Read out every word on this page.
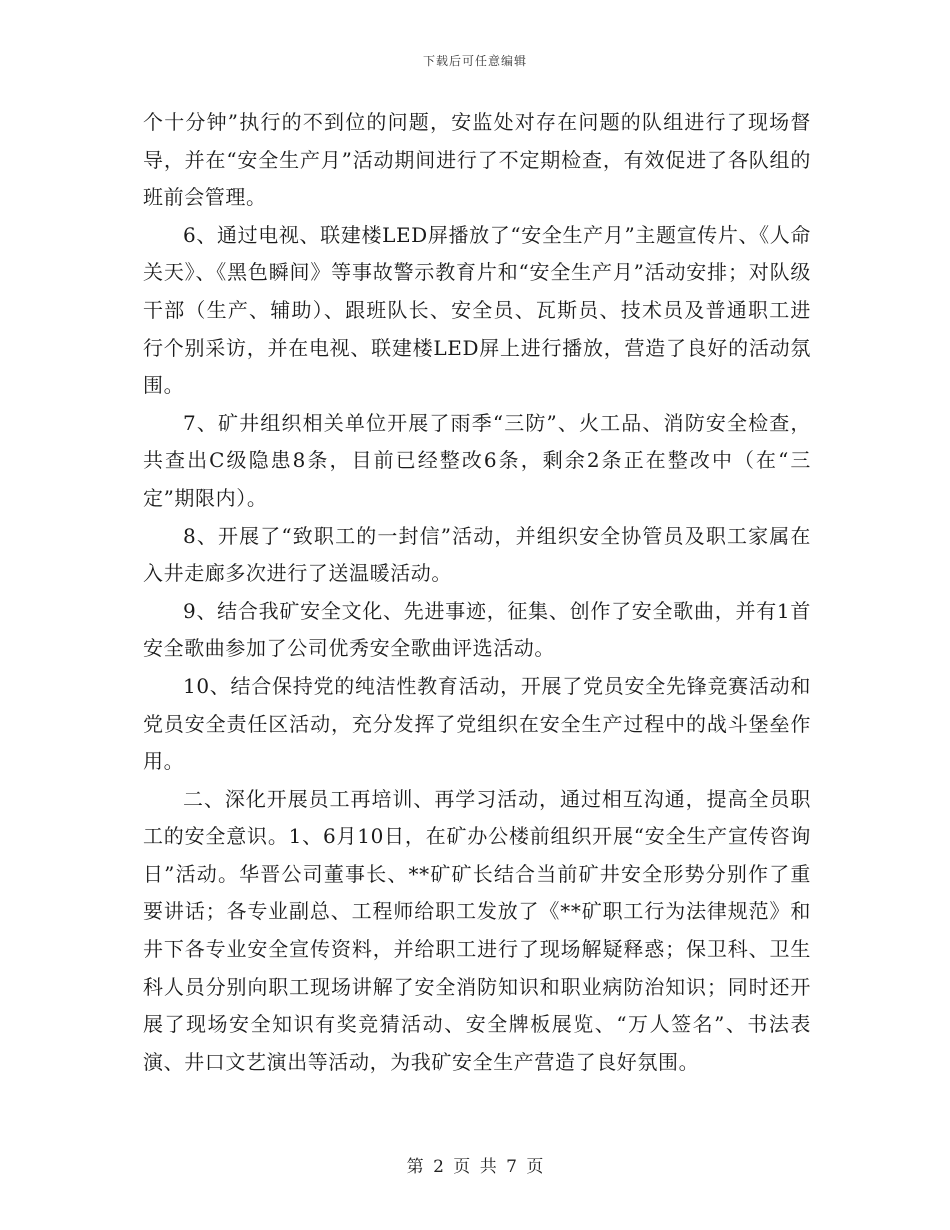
下载后可任意编辑

个十分钟”执行的不到位的问题，安监处对存在问题的队组进行了现场督导，并在“安全生产月”活动期间进行了不定期检查，有效促进了各队组的班前会管理。

6、通过电视、联建楼LED屏播放了“安全生产月”主题宣传片、《人命关天》、《黑色瞬间》等事故警示教育片和“安全生产月”活动安排；对队级干部（生产、辅助）、跟班队长、安全员、瓦斯员、技术员及普通职工进行个别采访，并在电视、联建楼LED屏上进行播放，营造了良好的活动氛围。

7、矿井组织相关单位开展了雨季“三防”、火工品、消防安全检查，共查出C级隐患8条，目前已经整改6条，剩余2条正在整改中（在“三定”期限内）。

8、开展了“致职工的一封信”活动，并组织安全协管员及职工家属在入井走廊多次进行了送温暖活动。

9、结合我矿安全文化、先进事迹，征集、创作了安全歌曲，并有1首安全歌曲参加了公司优秀安全歌曲评选活动。

10、结合保持党的纯洁性教育活动，开展了党员安全先锋竞赛活动和党员安全责任区活动，充分发挥了党组织在安全生产过程中的战斗堡垒作用。

二、深化开展员工再培训、再学习活动，通过相互沟通，提高全员职工的安全意识。1、6月10日，在矿办公楼前组织开展“安全生产宣传咨询日”活动。华晋公司董事长、**矿矿长结合当前矿井安全形势分别作了重要讲话；各专业副总、工程师给职工发放了《**矿职工行为法律规范》和井下各专业安全宣传资料，并给职工进行了现场解疑释惑；保卫科、卫生科人员分别向职工现场讲解了安全消防知识和职业病防治知识；同时还开展了现场安全知识有奖竞猜活动、安全牌板展览、“万人签名”、书法表演、井口文艺演出等活动，为我矿安全生产营造了良好氛围。

第 2 页 共 7 页
